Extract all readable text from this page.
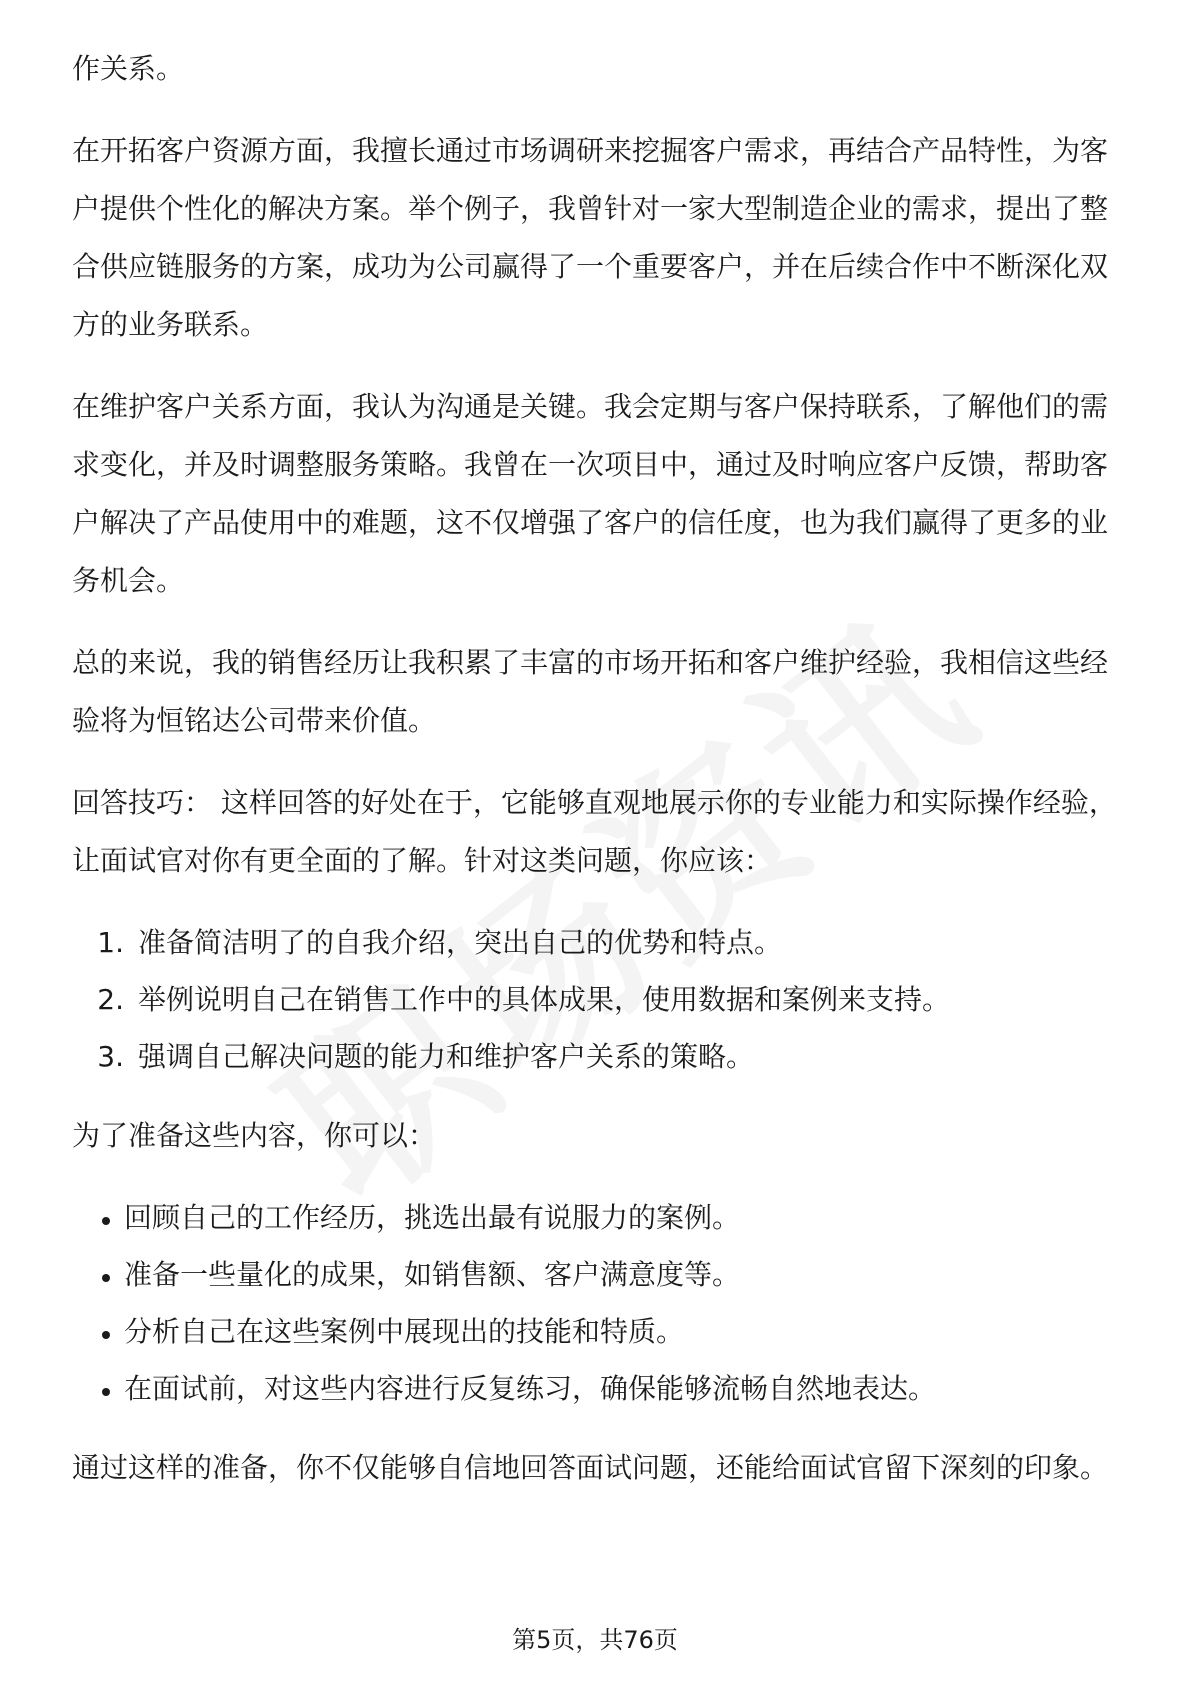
作关系。

在开拓客户资源方面，我擅长通过市场调研来挖掘客户需求，再结合产品特性，为客户提供个性化的解决方案。举个例子，我曾针对一家大型制造企业的需求，提出了整合供应链服务的方案，成功为公司赢得了一个重要客户，并在后续合作中不断深化双方的业务联系。

在维护客户关系方面，我认为沟通是关键。我会定期与客户保持联系，了解他们的需求变化，并及时调整服务策略。我曾在一次项目中，通过及时响应客户反馈，帮助客户解决了产品使用中的难题，这不仅增强了客户的信任度，也为我们赢得了更多的业务机会。

总的来说，我的销售经历让我积累了丰富的市场开拓和客户维护经验，我相信这些经验将为恒铭达公司带来价值。

回答技巧： 这样回答的好处在于，它能够直观地展示你的专业能力和实际操作经验，让面试官对你有更全面的了解。针对这类问题，你应该：

1. 准备简洁明了的自我介绍，突出自己的优势和特点。
2. 举例说明自己在销售工作中的具体成果，使用数据和案例来支持。
3. 强调自己解决问题的能力和维护客户关系的策略。

为了准备这些内容，你可以：

回顾自己的工作经历，挑选出最有说服力的案例。
准备一些量化的成果，如销售额、客户满意度等。
分析自己在这些案例中展现出的技能和特质。
在面试前，对这些内容进行反复练习，确保能够流畅自然地表达。

通过这样的准备，你不仅能够自信地回答面试问题，还能给面试官留下深刻的印象。

第5页，共76页
